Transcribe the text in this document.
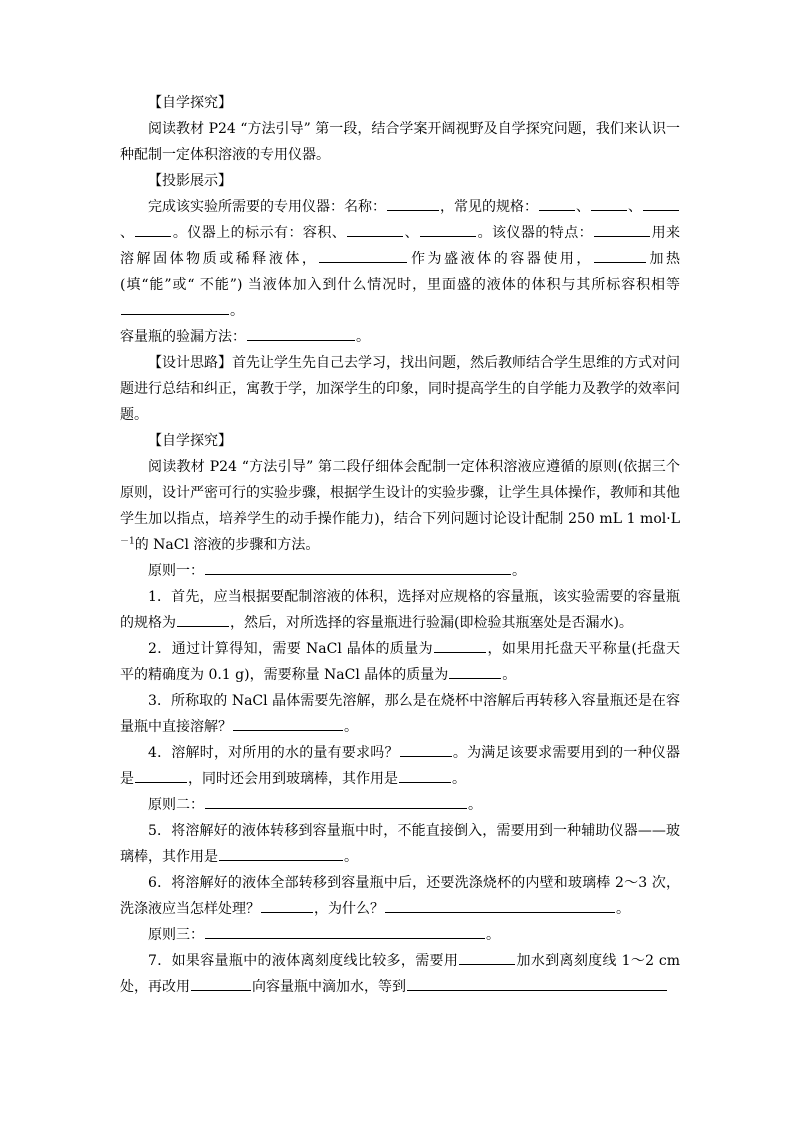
【自学探究】

阅读教材 P24 “方法引导” 第一段，结合学案开阔视野及自学探究问题，我们来认识一种配制一定体积溶液的专用仪器。

【投影展示】

完成该实验所需要的专用仪器：名称：	，常见的规格：	、	、、	。仪器上的标示有：容积、	、	。该仪器的特点：	用来溶解固体物质或稀释液体，	作为盛液体的容器使用，	加热(填“能”或“ 不能”) 当液体加入到什么情况时，里面盛的液体的体积与其所标容积相等。

容量瓶的验漏方法：	。

【设计思路】首先让学生先自己去学习，找出问题，然后教师结合学生思维的方式对问题进行总结和纠正，寓教于学，加深学生的印象，同时提高学生的自学能力及教学的效率问题。

【自学探究】

阅读教材 P24 “方法引导” 第二段仔细体会配制一定体积溶液应遵循的原则(依据三个原则，设计严密可行的实验步骤，根据学生设计的实验步骤，让学生具体操作，教师和其他学生加以指点，培养学生的动手操作能力)，结合下列问题讨论设计配制 250 mL 1 $mol\cdot L^{-1}$的 NaCl 溶液的步骤和方法。

原则一：	。

1．首先，应当根据要配制溶液的体积，选择对应规格的容量瓶，该实验需要的容量瓶的规格为	，然后，对所选择的容量瓶进行验漏(即检验其瓶塞处是否漏水)。

2．通过计算得知，需要 NaCl 晶体的质量为	，如果用托盘天平称量(托盘天平的精确度为 0.1 g)，需要称量 NaCl 晶体的质量为	。

3．所称取的 NaCl 晶体需要先溶解，那么是在烧杯中溶解后再转移入容量瓶还是在容量瓶中直接溶解？	。

4．溶解时，对所用的水的量有要求吗？	。为满足该要求需要用到的一种仪器是	，同时还会用到玻璃棒，其作用是	。

原则二：	。

5．将溶解好的液体转移到容量瓶中时，不能直接倒入，需要用到一种辅助仪器——玻璃棒，其作用是	。

6．将溶解好的液体全部转移到容量瓶中后，还要洗涤烧杯的内壁和玻璃棒 2～3 次，洗涤液应当怎样处理？	，为什么？	。

原则三：	。

7．如果容量瓶中的液体离刻度线比较多，需要用	加水到离刻度线 1～2 cm 处，再改用	向容量瓶中滴加水，等到
